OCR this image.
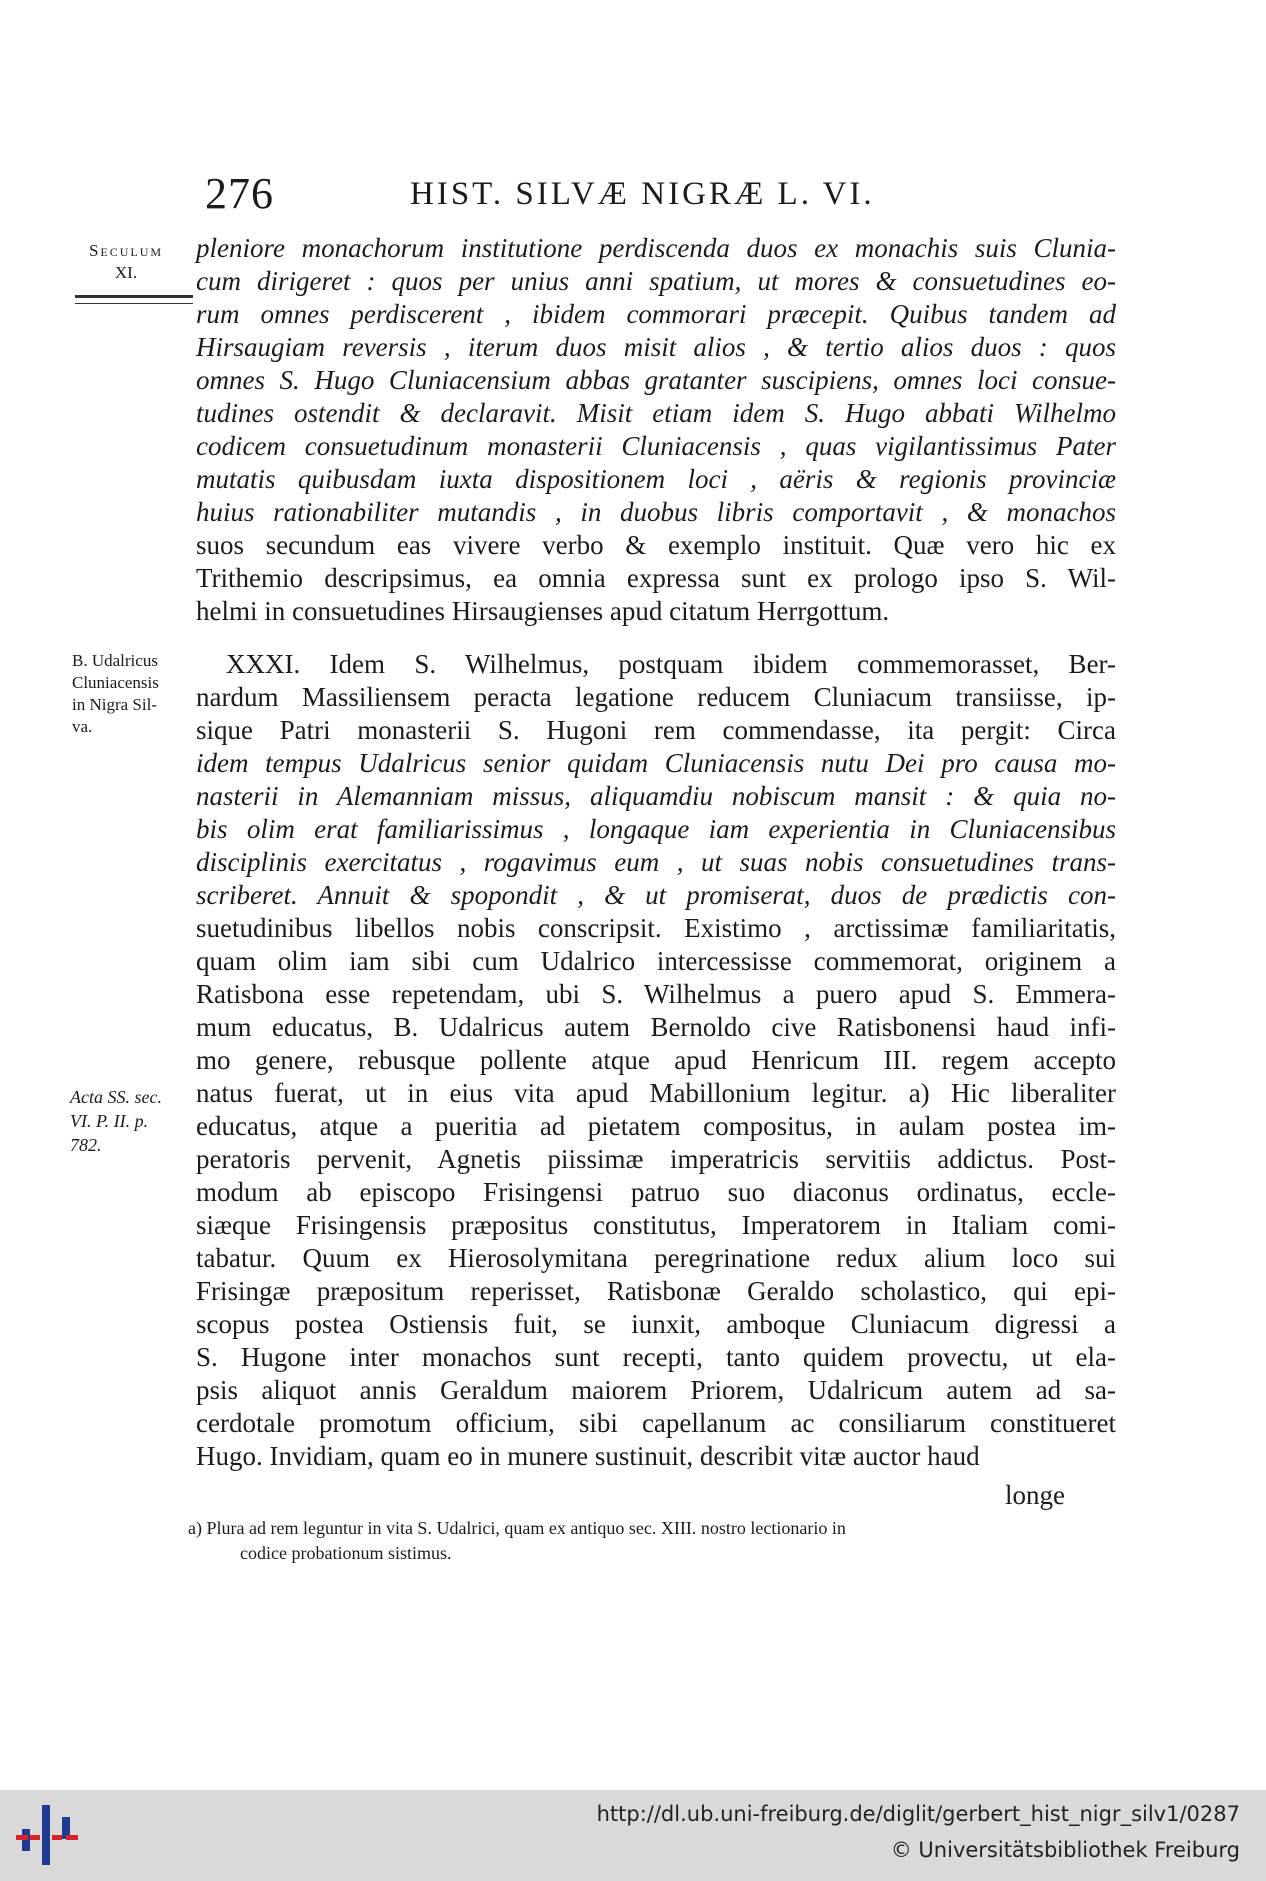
276	HIST. SILVÆ NIGRÆ L. VI.
Seculum
XI.
B. Udalricus
Cluniacensis
in Nigra Sil-
va.
Acta SS. sec.
VI. P. II. p.
782.
pleniore monachorum institutione perdiscenda duos ex monachis suis Clunia-
cum dirigeret : quos per unius anni spatium, ut mores & consuetudines eo-
rum omnes perdiscerent , ibidem commorari præcepit. Quibus tandem ad
Hirsaugiam reversis , iterum duos misit alios , & tertio alios duos : quos
omnes S. Hugo Cluniacensium abbas gratanter suscipiens, omnes loci consue-
tudines ostendit & declaravit. Misit etiam idem S. Hugo abbati Wilhelmo
codicem consuetudinum monasterii Cluniacensis , quas vigilantissimus Pater
mutatis quibusdam iuxta dispositionem loci , aëris & regionis provinciæ
huius rationabiliter mutandis , in duobus libris comportavit , & monachos
suos secundum eas vivere verbo & exemplo instituit. Quæ vero hic ex
Trithemio descripsimus, ea omnia expressa sunt ex prologo ipso S. Wil-
helmi in consuetudines Hirsaugienses apud citatum Herrgottum.
XXXI. Idem S. Wilhelmus, postquam ibidem commemorasset, Ber-
nardum Massiliensem peracta legatione reducem Cluniacum transiisse, ip-
sique Patri monasterii S. Hugoni rem commendasse, ita pergit: Circa
idem tempus Udalricus senior quidam Cluniacensis nutu Dei pro causa mo-
nasterii in Alemanniam missus, aliquamdiu nobiscum mansit : & quia no-
bis olim erat familiarissimus , longaque iam experientia in Cluniacensibus
disciplinis exercitatus , rogavimus eum , ut suas nobis consuetudines trans-
scriberet. Annuit & spopondit , & ut promiserat, duos de prædictis con-
suetudinibus libellos nobis conscripsit. Existimo , arctissimæ familiaritatis,
quam olim iam sibi cum Udalrico intercessisse commemorat, originem a
Ratisbona esse repetendam, ubi S. Wilhelmus a puero apud S. Emmera-
mum educatus, B. Udalricus autem Bernoldo cive Ratisbonensi haud infi-
mo genere, rebusque pollente atque apud Henricum III. regem accepto
natus fuerat, ut in eius vita apud Mabillonium legitur. a) Hic liberaliter
educatus, atque a pueritia ad pietatem compositus, in aulam postea im-
peratoris pervenit, Agnetis piissimæ imperatricis servitiis addictus. Post-
modum ab episcopo Frisingensi patruo suo diaconus ordinatus, eccle-
siæque Frisingensis præpositus constitutus, Imperatorem in Italiam comi-
tabatur. Quum ex Hierosolymitana peregrinatione redux alium loco sui
Frisingæ præpositum reperisset, Ratisbonæ Geraldo scholastico, qui epi-
scopus postea Ostiensis fuit, se iunxit, amboque Cluniacum digressi a
S. Hugone inter monachos sunt recepti, tanto quidem provectu, ut ela-
psis aliquot annis Geraldum maiorem Priorem, Udalricum autem ad sa-
cerdotale promotum officium, sibi capellanum ac consiliarum constitueret
Hugo. Invidiam, quam eo in munere sustinuit, describit vitæ auctor haud
longe
a) Plura ad rem leguntur in vita S. Udalrici, quam ex antiquo sec. XIII. nostro lectionario in
codice probationum sistimus.
http://dl.ub.uni-freiburg.de/diglit/gerbert_hist_nigr_silv1/0287
© Universitätsbibliothek Freiburg
